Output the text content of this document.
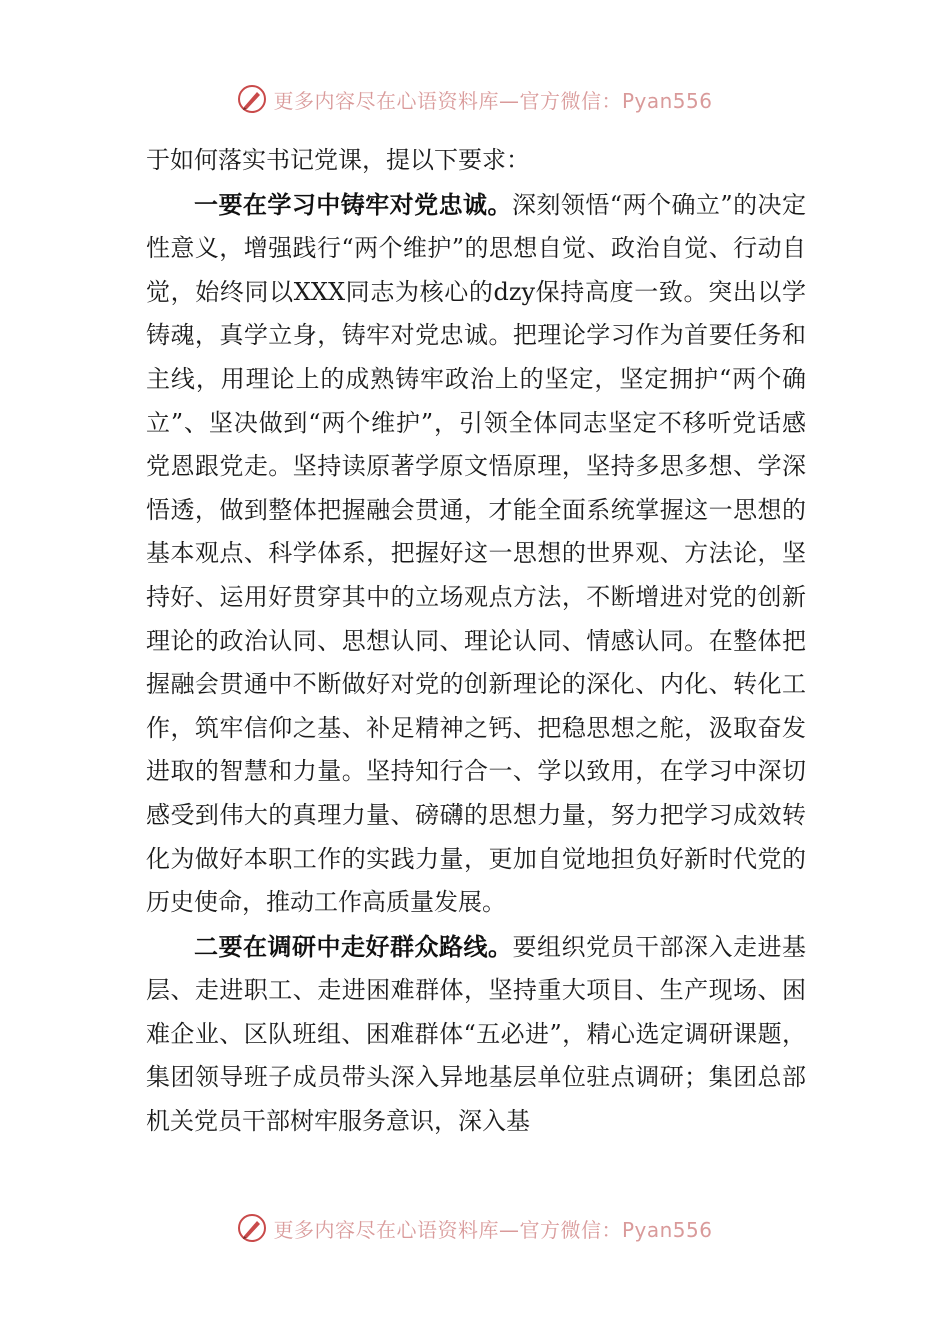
更多内容尽在心语资料库—官方微信：Pyan556

于如何落实书记党课，提以下要求：

一要在学习中铸牢对党忠诚。深刻领悟“两个确立”的决定性意义，增强践行“两个维护”的思想自觉、政治自觉、行动自觉，始终同以XXX同志为核心的dzy保持高度一致。突出以学铸魂，真学立身，铸牢对党忠诚。把理论学习作为首要任务和主线，用理论上的成熟铸牢政治上的坚定，坚定拥护“两个确立”、坚决做到“两个维护”，引领全体同志坚定不移听党话感党恩跟党走。坚持读原著学原文悟原理，坚持多思多想、学深悟透，做到整体把握融会贯通，才能全面系统掌握这一思想的基本观点、科学体系，把握好这一思想的世界观、方法论，坚持好、运用好贯穿其中的立场观点方法，不断增进对党的创新理论的政治认同、思想认同、理论认同、情感认同。在整体把握融会贯通中不断做好对党的创新理论的深化、内化、转化工作，筑牢信仰之基、补足精神之钙、把稳思想之舵，汲取奋发进取的智慧和力量。坚持知行合一、学以致用，在学习中深切感受到伟大的真理力量、磅礴的思想力量，努力把学习成效转化为做好本职工作的实践力量，更加自觉地担负好新时代党的历史使命，推动工作高质量发展。

二要在调研中走好群众路线。要组织党员干部深入走进基层、走进职工、走进困难群体，坚持重大项目、生产现场、困难企业、区队班组、困难群体“五必进”，精心选定调研课题，集团领导班子成员带头深入异地基层单位驻点调研；集团总部机关党员干部树牢服务意识，深入基

更多内容尽在心语资料库—官方微信：Pyan556
